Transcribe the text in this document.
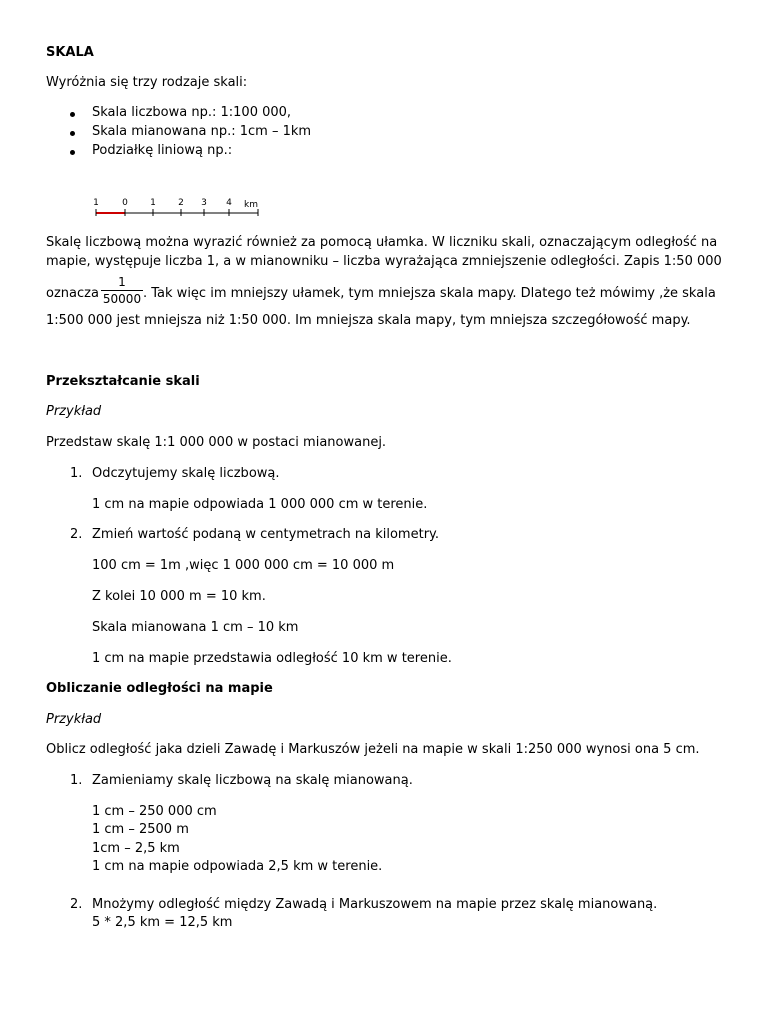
SKALA
Wyróżnia się trzy rodzaje skali:
Skala liczbowa np.: 1:100 000,
Skala mianowana np.: 1cm – 1km
Podziałkę liniową np.:
1	0 1 2 3 4 km
Skalę liczbową można wyrazić również za pomocą ułamka. W liczniku skali, oznaczającym odległość na
mapie, występuje liczba 1, a w mianowniku – liczba wyrażająca zmniejszenie odległości. Zapis 1:50 000
oznacza
1
50000 . Tak więc im mniejszy ułamek, tym mniejsza skala mapy. Dlatego też mówimy ,że skala
1:500 000 jest mniejsza niż 1:50 000. Im mniejsza skala mapy, tym mniejsza szczegółowość mapy.
Przekształcanie skali
Przykład
Przedstaw skalę 1:1 000 000 w postaci mianowanej.
1. Odczytujemy skalę liczbową.
1 cm na mapie odpowiada 1 000 000 cm w terenie.
2. Zmień wartość podaną w centymetrach na kilometry.
100 cm = 1m ,więc 1 000 000 cm = 10 000 m
Z kolei 10 000 m = 10 km.
Skala mianowana 1 cm – 10 km
1 cm na mapie przedstawia odległość 10 km w terenie.
Obliczanie odległości na mapie
Przykład
Oblicz odległość jaka dzieli Zawadę i Markuszów jeżeli na mapie w skali 1:250 000 wynosi ona 5 cm.
1. Zamieniamy skalę liczbową na skalę mianowaną.
1 cm – 250 000 cm
1 cm – 2500 m
1cm – 2,5 km
1 cm na mapie odpowiada 2,5 km w terenie.
2. Mnożymy odległość między Zawadą i Markuszowem na mapie przez skalę mianowaną.
5 * 2,5 km = 12,5 km
